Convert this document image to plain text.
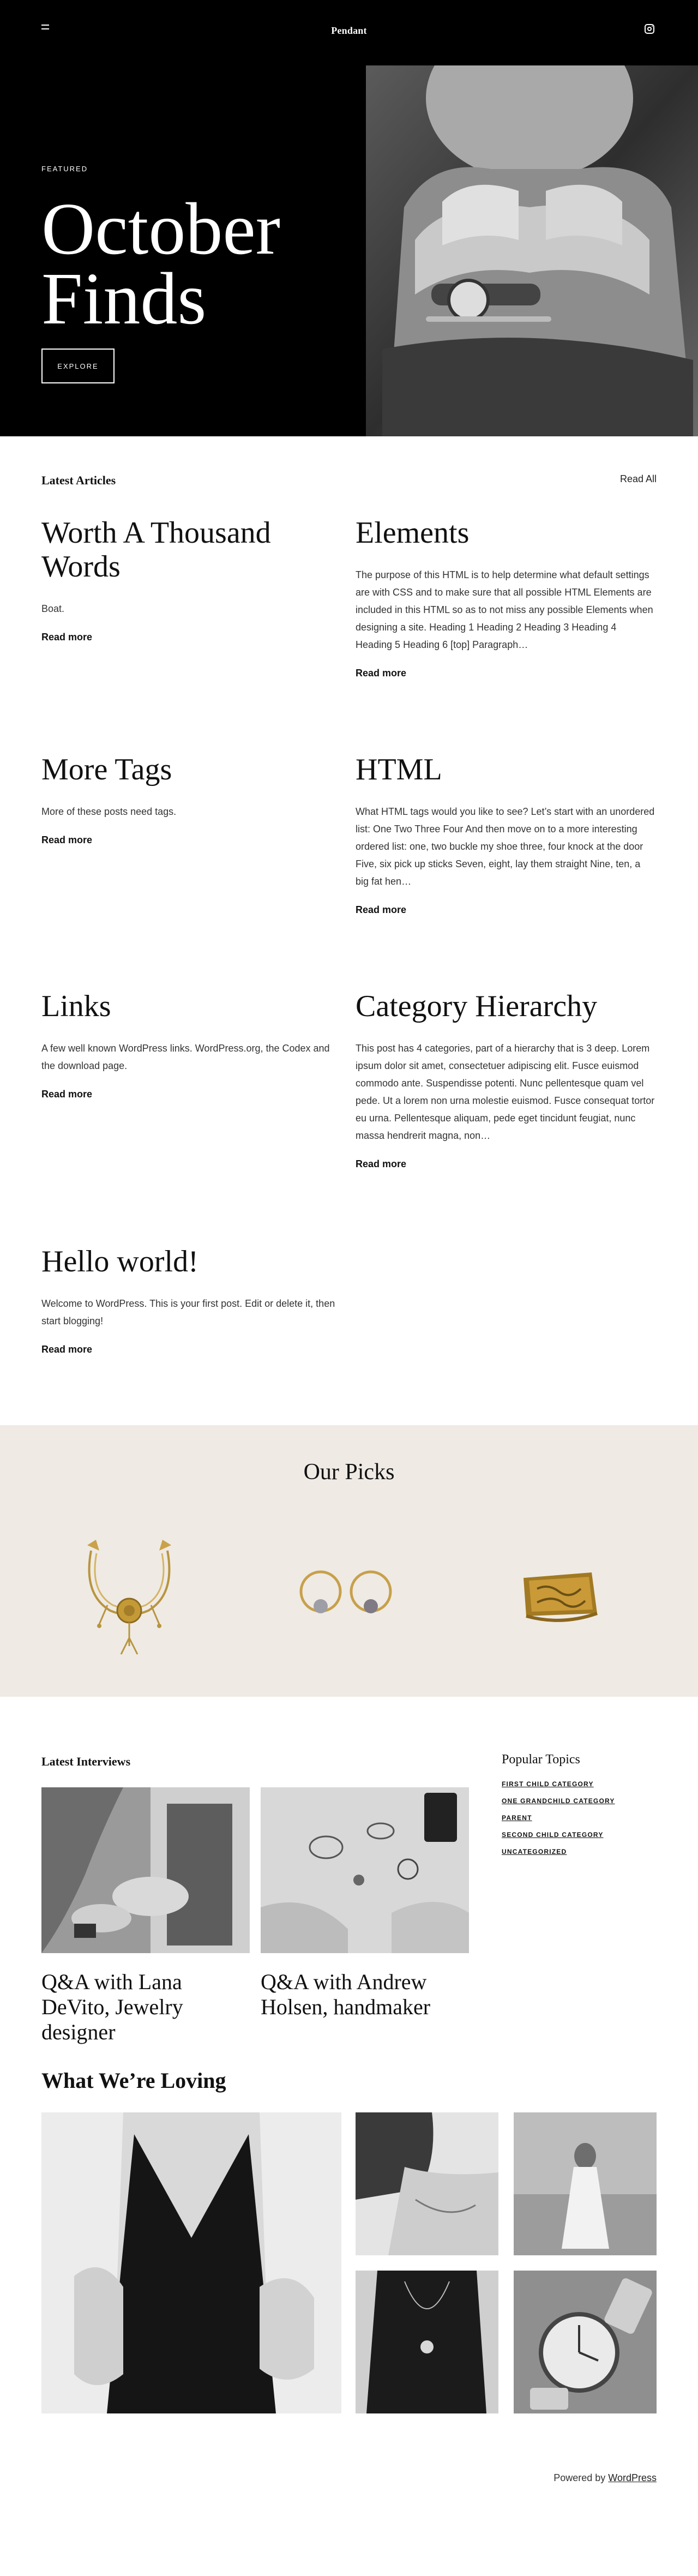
Pendant
FEATURED
October
Finds
EXPLORE
Latest Articles	Read All
Worth A Thousand Words

Boat.

Read more
Elements

The purpose of this HTML is to help determine what default settings are with CSS and to make sure that all possible HTML Elements are included in this HTML so as to not miss any possible Elements when designing a site. Heading 1 Heading 2 Heading 3 Heading 4 Heading 5 Heading 6 [top] Paragraph…

Read more
More Tags

More of these posts need tags.

Read more
HTML

What HTML tags would you like to see? Let’s start with an unordered list: One Two Three Four And then move on to a more interesting ordered list: one, two buckle my shoe three, four knock at the door Five, six pick up sticks Seven, eight, lay them straight Nine, ten, a big fat hen…

Read more
Links

A few well known WordPress links. WordPress.org, the Codex and the download page.

Read more
Category Hierarchy

This post has 4 categories, part of a hierarchy that is 3 deep. Lorem ipsum dolor sit amet, consectetuer adipiscing elit. Fusce euismod commodo ante. Suspendisse potenti. Nunc pellentesque quam vel pede. Ut a lorem non urna molestie euismod. Fusce consequat tortor eu urna. Pellentesque aliquam, pede eget tincidunt feugiat, nunc massa hendrerit magna, non…

Read more
Hello world!

Welcome to WordPress. This is your first post. Edit or delete it, then start blogging!

Read more
Our Picks
Latest Interviews
Q&A with Lana DeVito, Jewelry designer
Q&A with Andrew Holsen, handmaker
Popular Topics
FIRST CHILD CATEGORY
ONE GRANDCHILD CATEGORY
PARENT
SECOND CHILD CATEGORY
UNCATEGORIZED
What We’re Loving
Powered by WordPress
